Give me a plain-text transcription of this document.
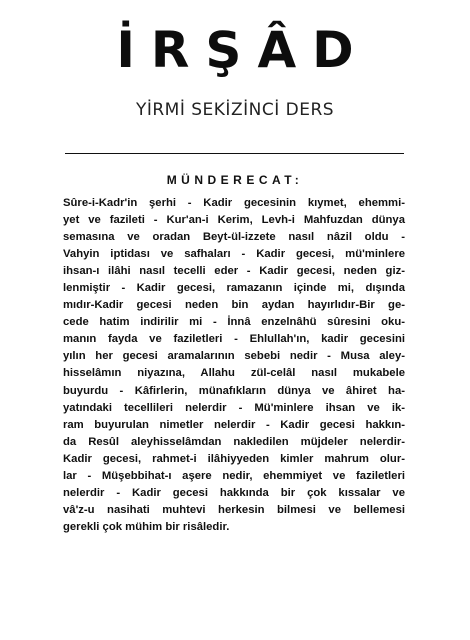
İRŞÂD
YİRMİ SEKİZİNCİ DERS
MÜNDERECAT:
Sûre-i-Kadr'in şerhi - Kadir gecesinin kıymet, ehemmi-
yet ve fazileti - Kur'an-i Kerim, Levh-i Mahfuzdan dünya
semasına ve oradan Beyt-ül-izzete nasıl nâzil oldu -
Vahyin iptidası ve safhaları - Kadir gecesi, mü'minlere
ihsan-ı ilâhi nasıl tecelli eder - Kadir gecesi, neden giz-
lenmiştir - Kadir gecesi, ramazanın içinde mi, dışında
mıdır-Kadir gecesi neden bin aydan hayırlıdır-Bir ge-
cede hatim indirilir mi - İnnâ enzelnâhü sûresini oku-
manın fayda ve faziletleri - Ehlullah'ın, kadir gecesini
yılın her gecesi aramalarının sebebi nedir - Musa aley-
hisselâmın niyazına, Allahu zül-celâl nasıl mukabele
buyurdu - Kâfirlerin, münafıkların dünya ve âhiret ha-
yatındaki tecellileri nelerdir - Mü'minlere ihsan ve ik-
ram buyurulan nimetler nelerdir - Kadir gecesi hakkın-
da Resûl aleyhisselâmdan nakledilen müjdeler nelerdir-
Kadir gecesi, rahmet-i ilâhiyyeden kimler mahrum olur-
lar - Müşebbihat-ı aşere nedir, ehemmiyet ve faziletleri
nelerdir - Kadir gecesi hakkında bir çok kıssalar ve
vâ'z-u nasihati muhtevi herkesin bilmesi ve bellemesi
gerekli çok mühim bir risâledir.
